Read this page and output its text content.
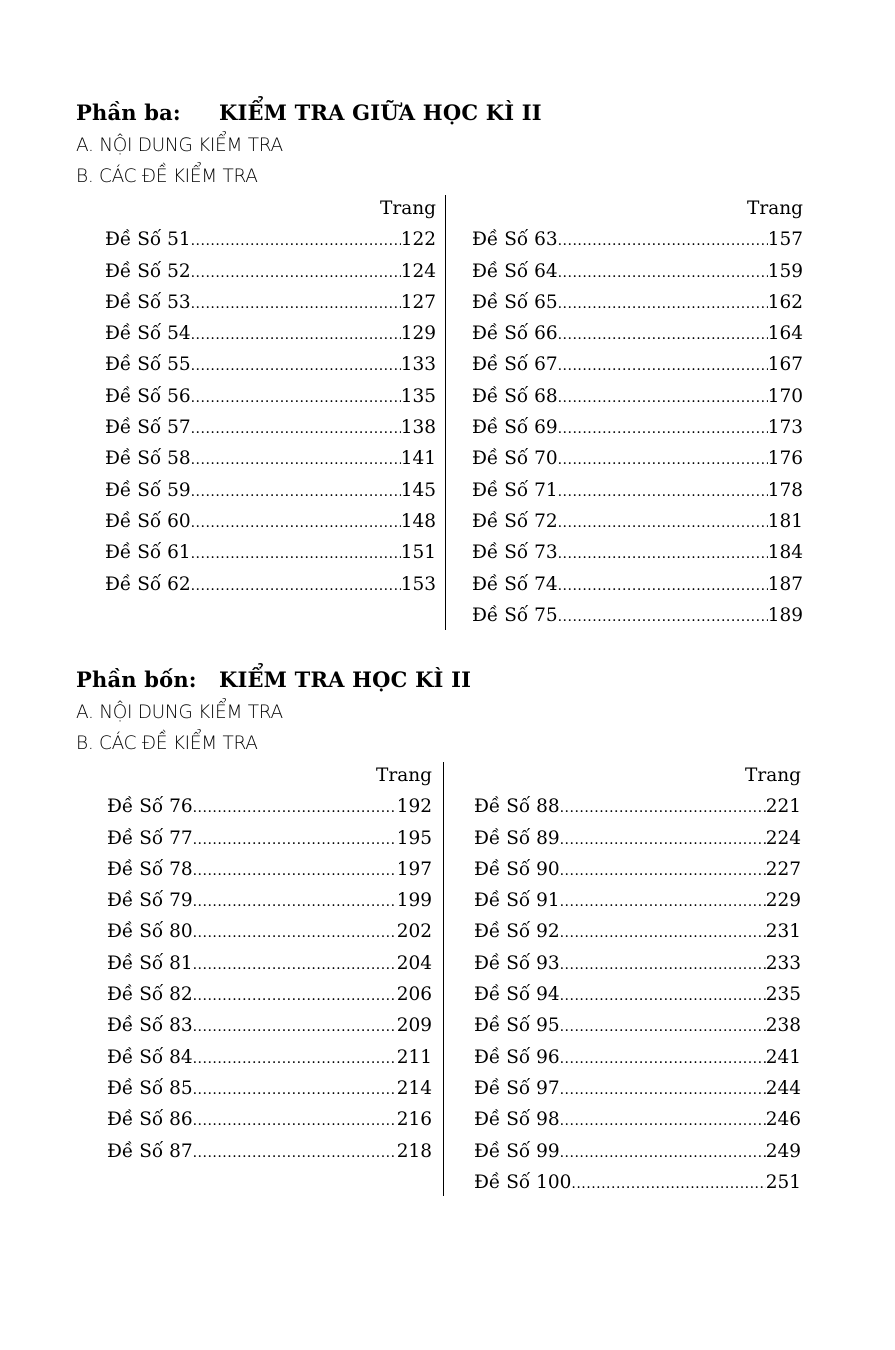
Phần ba: KIỂM TRA GIỮA HỌC KÌ II
A. NỘI DUNG KIỂM TRA
B. CÁC ĐỀ KIỂM TRA
Trang
Đề Số 51 .....	122
Đề Số 52 .....	124
Đề Số 53 .....	127
Đề Số 54 .....	129
Đề Số 55 .....	133
Đề Số 56 .....	135
Đề Số 57 .....	138
Đề Số 58 .....	141
Đề Số 59 .....	145
Đề Số 60 .....	148
Đề Số 61 .....	151
Đề Số 62 .....	153
Trang
Đề Số 63 .....	157
Đề Số 64 .....	159
Đề Số 65 .....	162
Đề Số 66 .....	164
Đề Số 67 .....	167
Đề Số 68 .....	170
Đề Số 69 .....	173
Đề Số 70 .....	176
Đề Số 71 .....	178
Đề Số 72 .....	181
Đề Số 73 .....	184
Đề Số 74 .....	187
Đề Số 75 .....	189
Phần bốn: KIỂM TRA HỌC KÌ II
A. NỘI DUNG KIỂM TRA
B. CÁC ĐỀ KIỂM TRA
Trang
Đề Số 76 .....	192
Đề Số 77 .....	195
Đề Số 78 .....	197
Đề Số 79 .....	199
Đề Số 80 .....	202
Đề Số 81 .....	204
Đề Số 82 .....	206
Đề Số 83 .....	209
Đề Số 84 .....	211
Đề Số 85 .....	214
Đề Số 86 .....	216
Đề Số 87 .....	218
Trang
Đề Số 88 .....	221
Đề Số 89 .....	224
Đề Số 90 .....	227
Đề Số 91 .....	229
Đề Số 92 .....	231
Đề Số 93 .....	233
Đề Số 94 .....	235
Đề Số 95 .....	238
Đề Số 96 .....	241
Đề Số 97 .....	244
Đề Số 98 .....	246
Đề Số 99 .....	249
Đề Số 100 .....	251
